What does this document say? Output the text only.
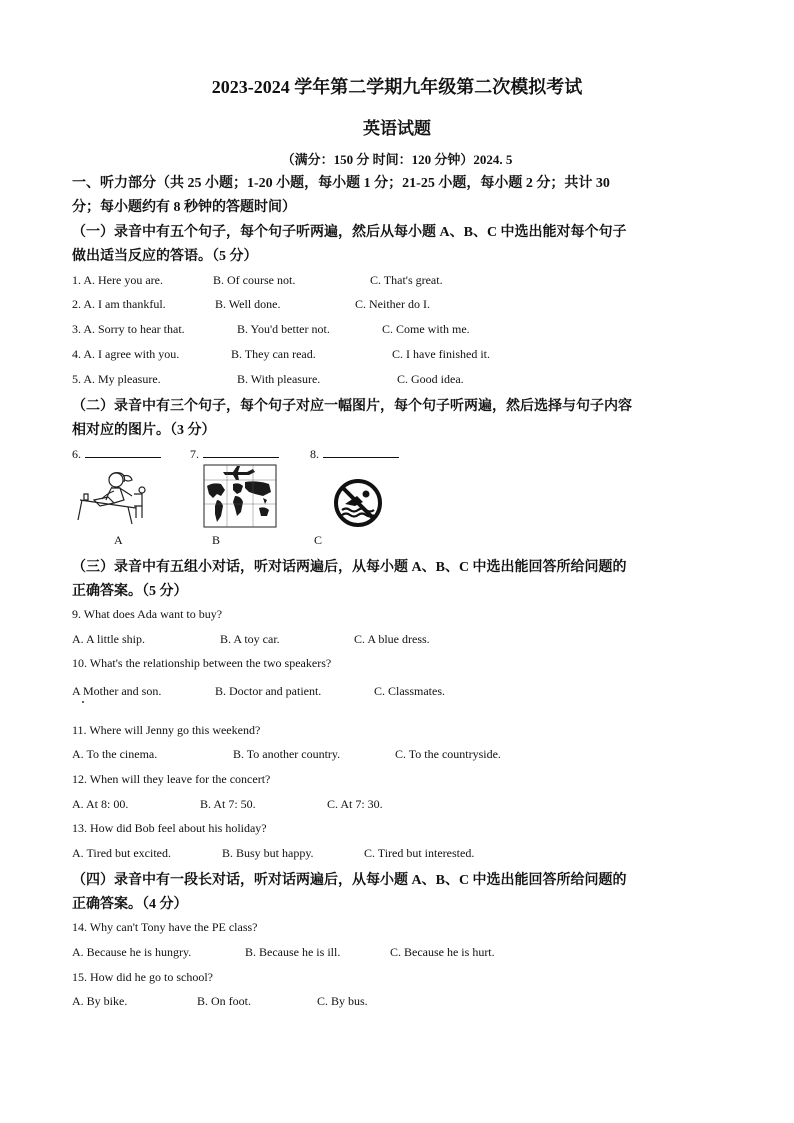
2023-2024 学年第二学期九年级第二次模拟考试
英语试题
（满分：150 分 时间：120 分钟）2024. 5
一、听力部分（共 25 小题；1-20 小题，每小题 1 分；21-25 小题，每小题 2 分；共计 30
分；每小题约有 8 秒钟的答题时间）
（一）录音中有五个句子，每个句子听两遍，然后从每小题 A、B、C 中选出能对每个句子
做出适当反应的答语。（5 分）
1. A. Here you are.	B. Of course not.	C. That's great.
2. A. I am thankful.	B. Well done.	C. Neither do I.
3. A. Sorry to hear that.	B. You'd better not.	C. Come with me.
4. A. I agree with you.	B. They can read.	C. I have finished it.
5. A. My pleasure.	B. With pleasure.	C. Good idea.
（二）录音中有三个句子，每个句子对应一幅图片，每个句子听两遍，然后选择与句子内容
相对应的图片。（3 分）
6.	7.	8.
A	B	C
（三）录音中有五组小对话，听对话两遍后，从每小题 A、B、C 中选出能回答所给问题的
正确答案。（5 分）
9. What does Ada want to buy?
A. A little ship.	B. A toy car.	C. A blue dress.
10. What's the relationship between the two speakers?
A Mother and son.	B. Doctor and patient.	C. Classmates.
11. Where will Jenny go this weekend?
A. To the cinema.	B. To another country.	C. To the countryside.
12. When will they leave for the concert?
A. At 8: 00.	B. At 7: 50.	C. At 7: 30.
13. How did Bob feel about his holiday?
A. Tired but excited.	B. Busy but happy.	C. Tired but interested.
（四）录音中有一段长对话，听对话两遍后，从每小题 A、B、C 中选出能回答所给问题的
正确答案。（4 分）
14. Why can't Tony have the PE class?
A. Because he is hungry.	B. Because he is ill.	C. Because he is hurt.
15. How did he go to school?
A. By bike.	B. On foot.	C. By bus.
